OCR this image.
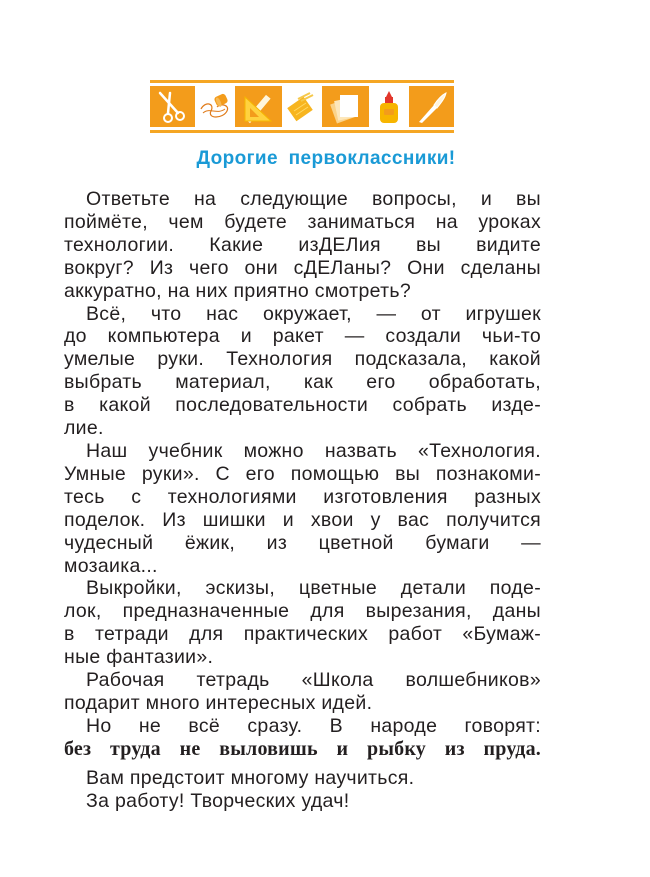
Дорогие первоклассники!

Ответьте на следующие вопросы, и вы
поймёте, чем будете заниматься на уроках
технологии. Какие изДЕЛия вы видите
вокруг? Из чего они сДЕЛаны? Они сделаны
аккуратно, на них приятно смотреть?

Всё, что нас окружает, — от игрушек
до компьютера и ракет — создали чьи-то
умелые руки. Технология подсказала, какой
выбрать материал, как его обработать,
в какой последовательности собрать изде-
лие.

Наш учебник можно назвать «Технология.
Умные руки». С его помощью вы познакоми-
тесь с технологиями изготовления разных
поделок. Из шишки и хвои у вас получится
чудесный ёжик, из цветной бумаги —
мозаика...

Выкройки, эскизы, цветные детали поде-
лок, предназначенные для вырезания, даны
в тетради для практических работ «Бумаж-
ные фантазии».

Рабочая тетрадь «Школа волшебников»
подарит много интересных идей.

Но не всё сразу. В народе говорят:
без труда не выловишь и рыбку из пруда.

Вам предстоит многому научиться.

За работу! Творческих удач!
